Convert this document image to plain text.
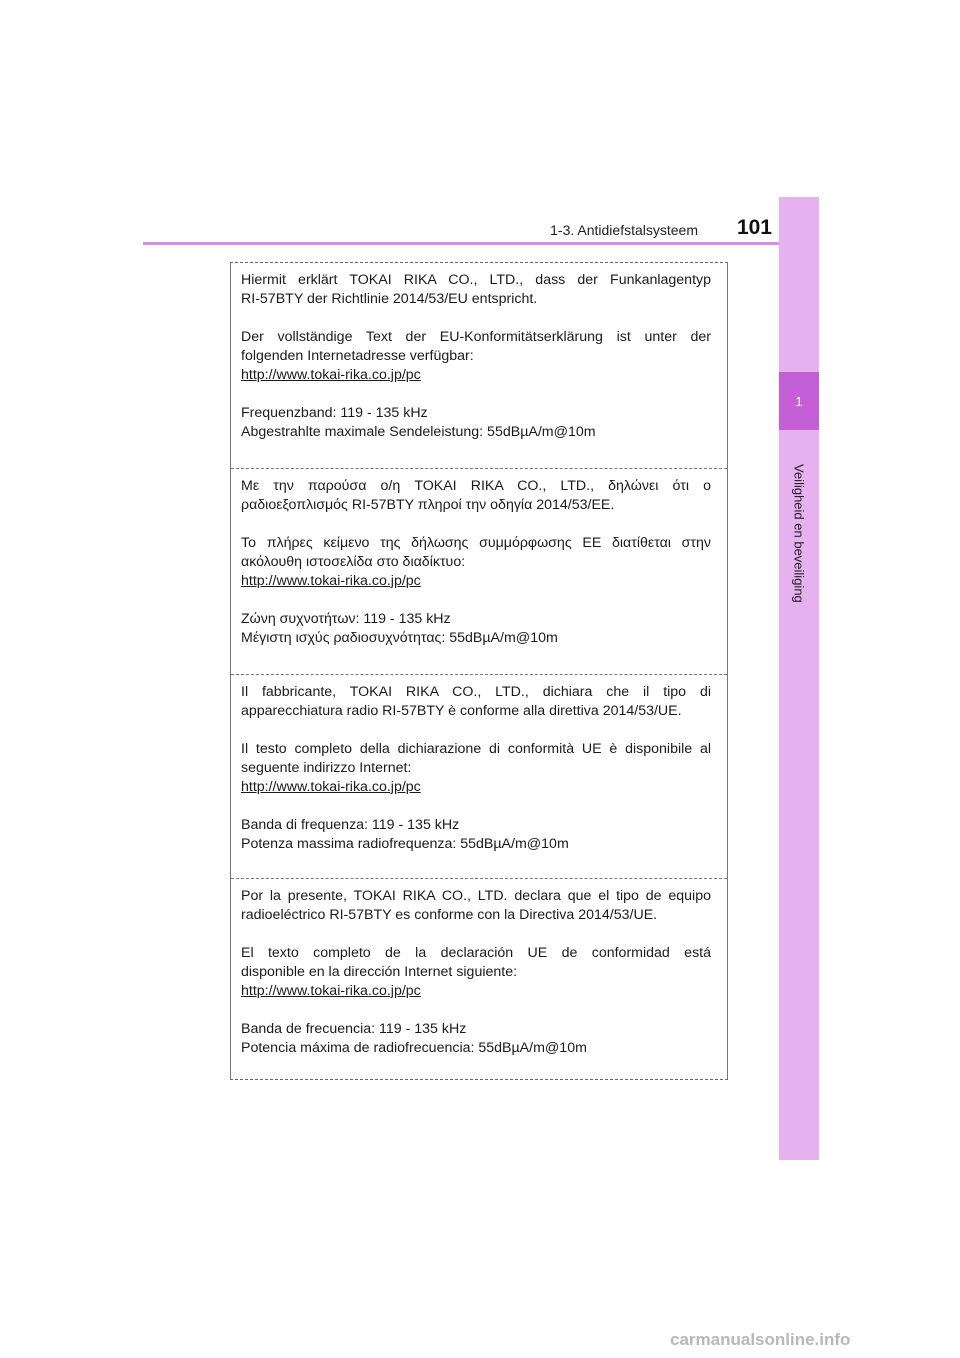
1-3. Antidiefstalsysteem	101
1
Veiligheid en beveiliging

Hiermit erklärt TOKAI RIKA CO., LTD., dass der Funkanlagentyp

RI-57BTY der Richtlinie 2014/53/EU entspricht.

Der vollständige Text der EU-Konformitätserklärung ist unter der

folgenden Internetadresse verfügbar:

http://www.tokai-rika.co.jp/pc

Frequenzband: 119 - 135 kHz

Abgestrahlte maximale Sendeleistung: 55dBµA/m@10m

Με την παρούσα ο/η TOKAI RIKA CO., LTD., δηλώνει ότι ο

ραδιοεξοπλισμός RI-57BTY πληροί την οδηγία 2014/53/ΕΕ.

Το πλήρες κείμενο της δήλωσης συμμόρφωσης ΕΕ διατίθεται στην

ακόλουθη ιστοσελίδα στο διαδίκτυο:

http://www.tokai-rika.co.jp/pc

Ζώνη συχνοτήτων: 119 - 135 kHz

Μέγιστη ισχύς ραδιοσυχνότητας: 55dBµA/m@10m

Il fabbricante, TOKAI RIKA CO., LTD., dichiara che il tipo di

apparecchiatura radio RI-57BTY è conforme alla direttiva 2014/53/UE.

Il testo completo della dichiarazione di conformità UE è disponibile al

seguente indirizzo Internet:

http://www.tokai-rika.co.jp/pc

Banda di frequenza: 119 - 135 kHz

Potenza massima radiofrequenza: 55dBµA/m@10m

Por la presente, TOKAI RIKA CO., LTD. declara que el tipo de equipo

radioeléctrico RI-57BTY es conforme con la Directiva 2014/53/UE.

El texto completo de la declaración UE de conformidad está

disponible en la dirección Internet siguiente:

http://www.tokai-rika.co.jp/pc

Banda de frecuencia: 119 - 135 kHz

Potencia máxima de radiofrecuencia: 55dBµA/m@10m

carmanualsonline.info
